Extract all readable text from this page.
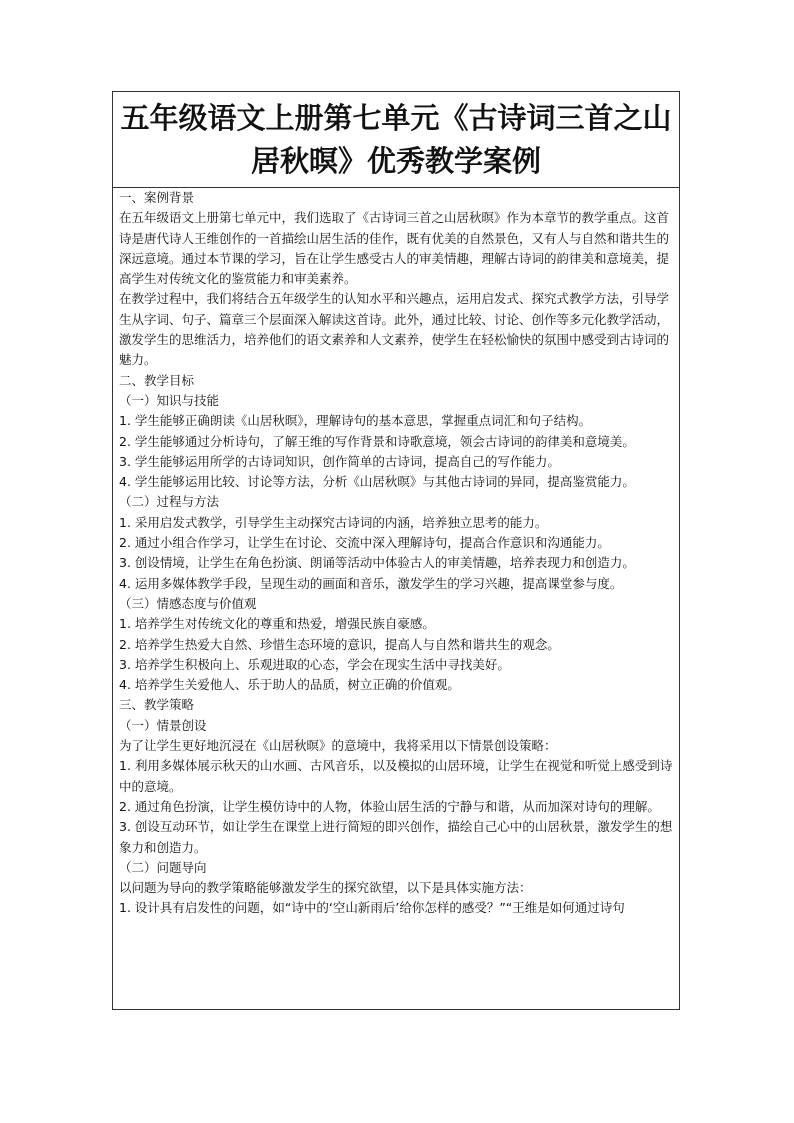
五年级语文上册第七单元《古诗词三首之山居秋暝》优秀教学案例

一、案例背景

在五年级语文上册第七单元中，我们选取了《古诗词三首之山居秋暝》作为本章节的教学重点。这首诗是唐代诗人王维创作的一首描绘山居生活的佳作，既有优美的自然景色，又有人与自然和谐共生的深远意境。通过本节课的学习，旨在让学生感受古人的审美情趣，理解古诗词的韵律美和意境美，提高学生对传统文化的鉴赏能力和审美素养。

在教学过程中，我们将结合五年级学生的认知水平和兴趣点，运用启发式、探究式教学方法，引导学生从字词、句子、篇章三个层面深入解读这首诗。此外，通过比较、讨论、创作等多元化教学活动，激发学生的思维活力，培养他们的语文素养和人文素养，使学生在轻松愉快的氛围中感受到古诗词的魅力。

二、教学目标

（一）知识与技能

1. 学生能够正确朗读《山居秋暝》，理解诗句的基本意思，掌握重点词汇和句子结构。

2. 学生能够通过分析诗句，了解王维的写作背景和诗歌意境，领会古诗词的韵律美和意境美。

3. 学生能够运用所学的古诗词知识，创作简单的古诗词，提高自己的写作能力。

4. 学生能够运用比较、讨论等方法，分析《山居秋暝》与其他古诗词的异同，提高鉴赏能力。

（二）过程与方法

1. 采用启发式教学，引导学生主动探究古诗词的内涵，培养独立思考的能力。

2. 通过小组合作学习，让学生在讨论、交流中深入理解诗句，提高合作意识和沟通能力。

3. 创设情境，让学生在角色扮演、朗诵等活动中体验古人的审美情趣，培养表现力和创造力。

4. 运用多媒体教学手段，呈现生动的画面和音乐，激发学生的学习兴趣，提高课堂参与度。

（三）情感态度与价值观

1. 培养学生对传统文化的尊重和热爱，增强民族自豪感。

2. 培养学生热爱大自然、珍惜生态环境的意识，提高人与自然和谐共生的观念。

3. 培养学生积极向上、乐观进取的心态，学会在现实生活中寻找美好。

4. 培养学生关爱他人、乐于助人的品质，树立正确的价值观。

三、教学策略

（一）情景创设

为了让学生更好地沉浸在《山居秋暝》的意境中，我将采用以下情景创设策略：

1. 利用多媒体展示秋天的山水画、古风音乐，以及模拟的山居环境，让学生在视觉和听觉上感受到诗中的意境。

2. 通过角色扮演，让学生模仿诗中的人物，体验山居生活的宁静与和谐，从而加深对诗句的理解。

3. 创设互动环节，如让学生在课堂上进行简短的即兴创作，描绘自己心中的山居秋景，激发学生的想象力和创造力。

（二）问题导向

以问题为导向的教学策略能够激发学生的探究欲望，以下是具体实施方法：

1. 设计具有启发性的问题，如“诗中的‘空山新雨后’给你怎样的感受？”“王维是如何通过诗句
